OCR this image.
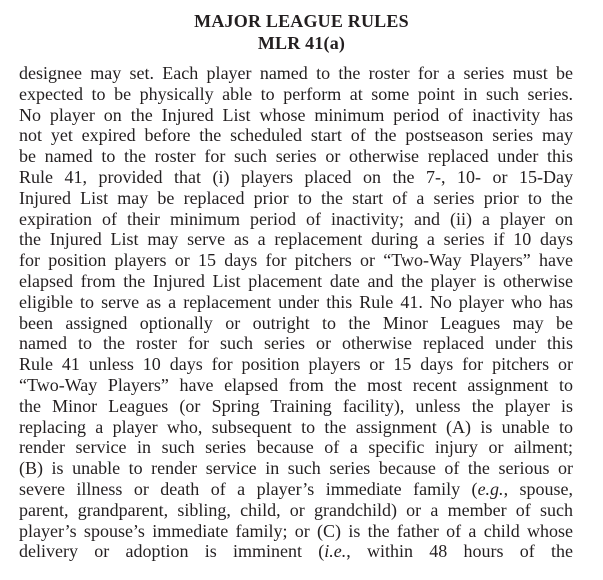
MAJOR LEAGUE RULES
MLR 41(a)
designee may set. Each player named to the roster for a series must be
expected to be physically able to perform at some point in such series.
No player on the Injured List whose minimum period of inactivity has
not yet expired before the scheduled start of the postseason series may
be named to the roster for such series or otherwise replaced under this
Rule 41, provided that (i) players placed on the 7-, 10- or 15-Day
Injured List may be replaced prior to the start of a series prior to the
expiration of their minimum period of inactivity; and (ii) a player on
the Injured List may serve as a replacement during a series if 10 days
for position players or 15 days for pitchers or “Two-Way Players” have
elapsed from the Injured List placement date and the player is otherwise
eligible to serve as a replacement under this Rule 41. No player who has
been assigned optionally or outright to the Minor Leagues may be
named to the roster for such series or otherwise replaced under this
Rule 41 unless 10 days for position players or 15 days for pitchers or
“Two-Way Players” have elapsed from the most recent assignment to
the Minor Leagues (or Spring Training facility), unless the player is
replacing a player who, subsequent to the assignment (A) is unable to
render service in such series because of a specific injury or ailment;
(B) is unable to render service in such series because of the serious or
severe illness or death of a player’s immediate family (e.g., spouse,
parent, grandparent, sibling, child, or grandchild) or a member of such
player’s spouse’s immediate family; or (C) is the father of a child whose
delivery or adoption is imminent (i.e., within 48 hours of the
